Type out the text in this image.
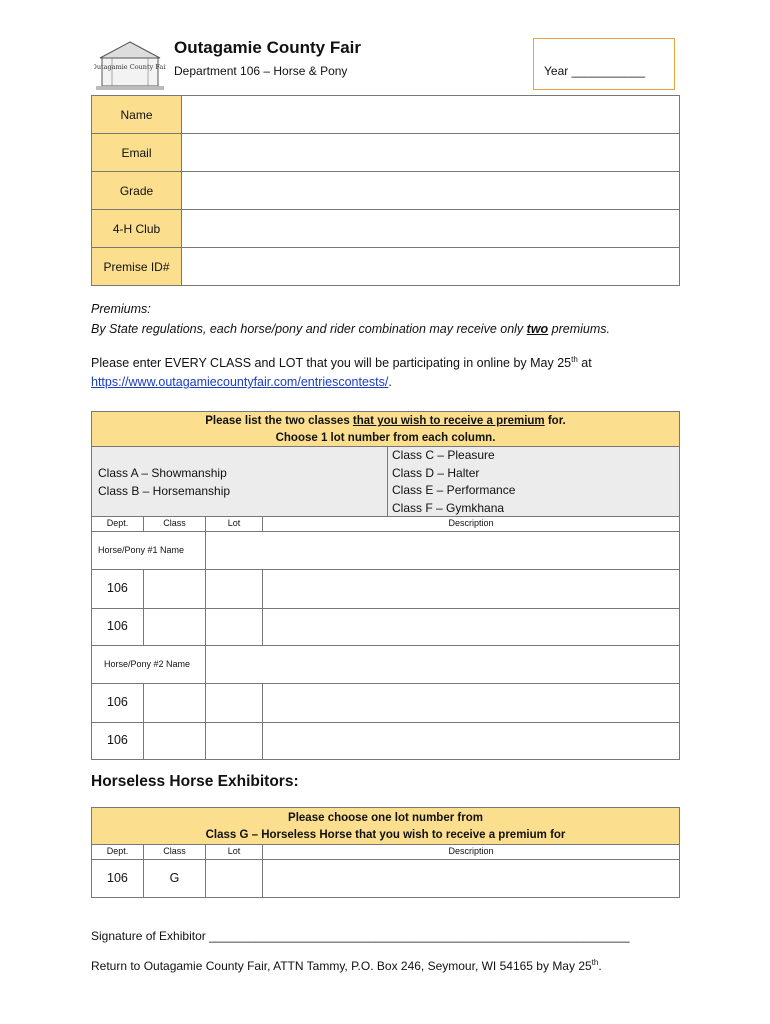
Outagamie County Fair
Outagamie County Fair
Department 106 – Horse & Pony	Year ___________
Name	
Email	
Grade	
4-H Club	
Premise ID#	
Premiums:
By State regulations, each horse/pony and rider combination may receive only two premiums.
Please enter EVERY CLASS and LOT that you will be participating in online by May 25th at
https://www.outagamiecountyfair.com/entriescontests/.
Please list the two classes that you wish to receive a premium for.
Choose 1 lot number from each column.
Class A – Showmanship
Class B – Horsemanship
Class C – Pleasure
Class D – Halter
Class E – Performance
Class F – Gymkhana
Dept.	Class	Lot	Description
Horse/Pony #1 Name
106
106
Horse/Pony #2 Name
106
106
Horseless Horse Exhibitors:
Please choose one lot number from
Class G – Horseless Horse that you wish to receive a premium for
Dept.	Class	Lot	Description
106	G
Signature of Exhibitor _______________________________________________________________
Return to Outagamie County Fair, ATTN Tammy, P.O. Box 246, Seymour, WI 54165 by May 25th.
